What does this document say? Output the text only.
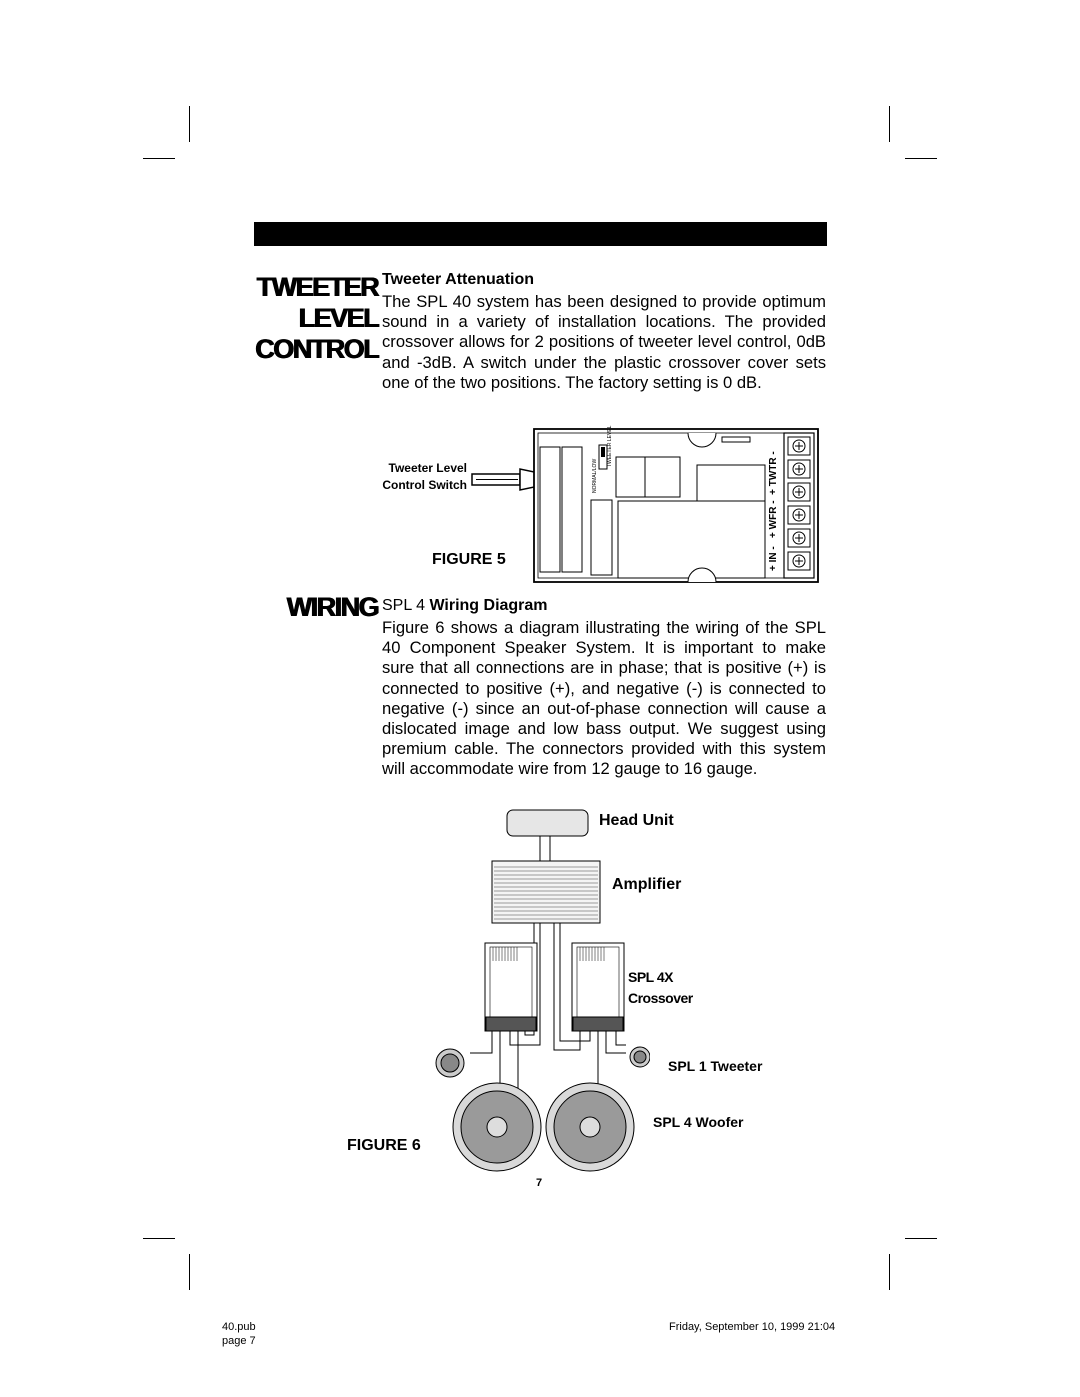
TWEETER
LEVEL
CONTROL
Tweeter Attenuation

The SPL 40 system has been designed to provide optimum sound in a variety of installation locations. The provided crossover allows for 2 positions of tweeter level control, 0dB and -3dB. A switch under the plastic crossover cover sets one of the two positions. The factory setting is 0 dB.

Tweeter Level
Control Switch
FIGURE 5
NORMAL/LOW
TWEETER LEVEL
+ IN -   + WFR -  + TWTR -
WIRING SPL 4 Wiring Diagram

Figure 6 shows a diagram illustrating the wiring of the SPL 40 Component Speaker System. It is important to make sure that all connections are in phase; that is positive (+) is connected to positive (+), and negative (-) is connected to negative (-) since an out-of-phase connection will cause a dislocated image and low bass output. We suggest using premium cable. The connectors provided with this system will accommodate wire from 12 gauge to 16 gauge.

Head Unit
Amplifier
SPL 4X
Crossover
SPL 1 Tweeter
SPL 4 Woofer
FIGURE 6
7
40.pub
page 7
Friday, September 10, 1999 21:04
